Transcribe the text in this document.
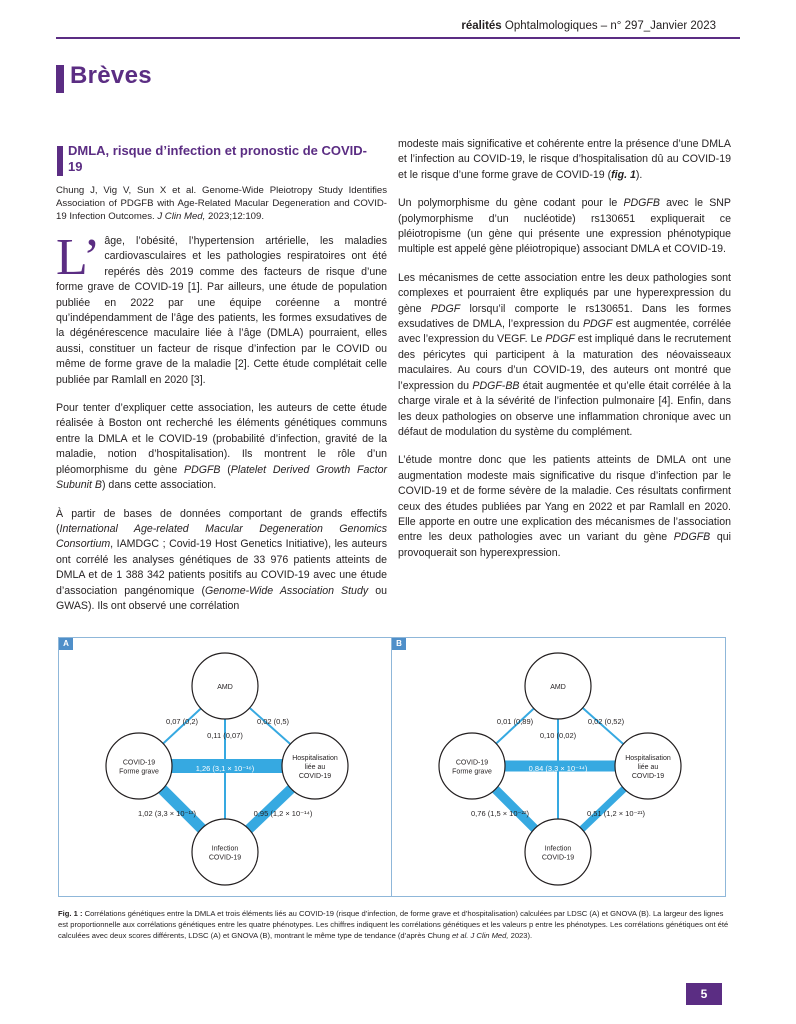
réalités Ophtalmologiques – n° 297_Janvier 2023
Brèves
DMLA, risque d’infection et pronostic de COVID-19

Chung J, Vig V, Sun X et al. Genome-Wide Pleiotropy Study Identifies Association of PDGFB with Age-Related Macular Degeneration and COVID-19 Infection Outcomes. J Clin Med, 2023;12:109.

L’ âge, l’obésité, l’hypertension artérielle, les maladies cardiovasculaires et les pathologies respiratoires ont été repérés dès 2019 comme des facteurs de risque d’une forme grave de COVID-19 [1]. Par ailleurs, une étude de population publiée en 2022 par une équipe coréenne a montré qu’indépendamment de l’âge des patients, les formes exsudatives de la dégénérescence maculaire liée à l’âge (DMLA) pourraient, elles aussi, constituer un facteur de risque d’infection par le COVID ou même de forme grave de la maladie [2]. Cette étude complétait celle publiée par Ramlall en 2020 [3].

Pour tenter d’expliquer cette association, les auteurs de cette étude réalisée à Boston ont recherché les éléments génétiques communs entre la DMLA et le COVID-19 (probabilité d’infection, gravité de la maladie, notion d’hospitalisation). Ils montrent le rôle d’un pléomorphisme du gène PDGFB (Platelet Derived Growth Factor Subunit B) dans cette association.

À partir de bases de données comportant de grands effectifs (International Age-related Macular Degeneration Genomics Consortium, IAMDGC ; Covid-19 Host Genetics Initiative), les auteurs ont corrélé les analyses génétiques de 33 976 patients atteints de DMLA et de 1 388 342 patients positifs au COVID-19 avec une étude d’association pangénomique (Genome-Wide Association Study ou GWAS). Ils ont observé une corrélation

modeste mais significative et cohérente entre la présence d’une DMLA et l’infection au COVID-19, le risque d’hospitalisation dû au COVID-19 et le risque d’une forme grave de COVID-19 (fig. 1).

Un polymorphisme du gène codant pour le PDGFB avec le SNP (polymorphisme d’un nucléotide) rs130651 expliquerait ce pléiotropisme (un gène qui présente une expression phénotypique multiple est appelé gène pléiotropique) associant DMLA et COVID-19.

Les mécanismes de cette association entre les deux pathologies sont complexes et pourraient être expliqués par une hyperexpression du gène PDGF lorsqu’il comporte le rs130651. Dans les formes exsudatives de DMLA, l’expression du PDGF est augmentée, corrélée avec l’expression du VEGF. Le PDGF est impliqué dans le recrutement des péricytes qui participent à la maturation des néovaisseaux maculaires. Au cours d’un COVID-19, des auteurs ont montré que l’expression du PDGF-BB était augmentée et qu’elle était corrélée à la charge virale et à la sévérité de l’infection pulmonaire [4]. Enfin, dans les deux pathologies on observe une inflammation chronique avec un défaut de modulation du système du complément.

L’étude montre donc que les patients atteints de DMLA ont une augmentation modeste mais significative du risque d’infection par le COVID-19 et de forme sévère de la maladie. Ces résultats confirment ceux des études publiées par Yang en 2022 et par Ramlall en 2020. Elle apporte en outre une explication des mécanismes de l’association entre les deux pathologies avec un variant du gène PDGFB qui provoquerait son hyperexpression.

A	B
AMD
COVID-19
Forme grave
Hospitalisation
liée au
COVID-19
Infection
COVID-19
0,07 (0,2)	0,02 (0,5)
0,11 (0,07)
1,26 (3,1 × 10⁻¹⁶)
1,02 (3,3 × 10⁻¹³)	0,95 (1,2 × 10⁻¹⁴)
AMD
COVID-19
Forme grave
Hospitalisation
liée au
COVID-19
Infection
COVID-19
0,01 (0,89)	0,02 (0,52)
0,10 (0,02)
0,84 (3,3 × 10⁻¹⁴)
0,76 (1,5 × 10⁻²²)	0,51 (1,2 × 10⁻²¹)
Fig. 1 : Corrélations génétiques entre la DMLA et trois éléments liés au COVID-19 (risque d’infection, de forme grave et d’hospitalisation) calculées par LDSC (A) et GNOVA (B). La largeur des lignes est proportionnelle aux corrélations génétiques entre les quatre phénotypes. Les chiffres indiquent les corrélations génétiques et les valeurs p entre les phénotypes. Les corrélations génétiques ont été calculées avec deux scores différents, LDSC (A) et GNOVA (B), montrant le même type de tendance (d’après Chung et al. J Clin Med, 2023).
5
